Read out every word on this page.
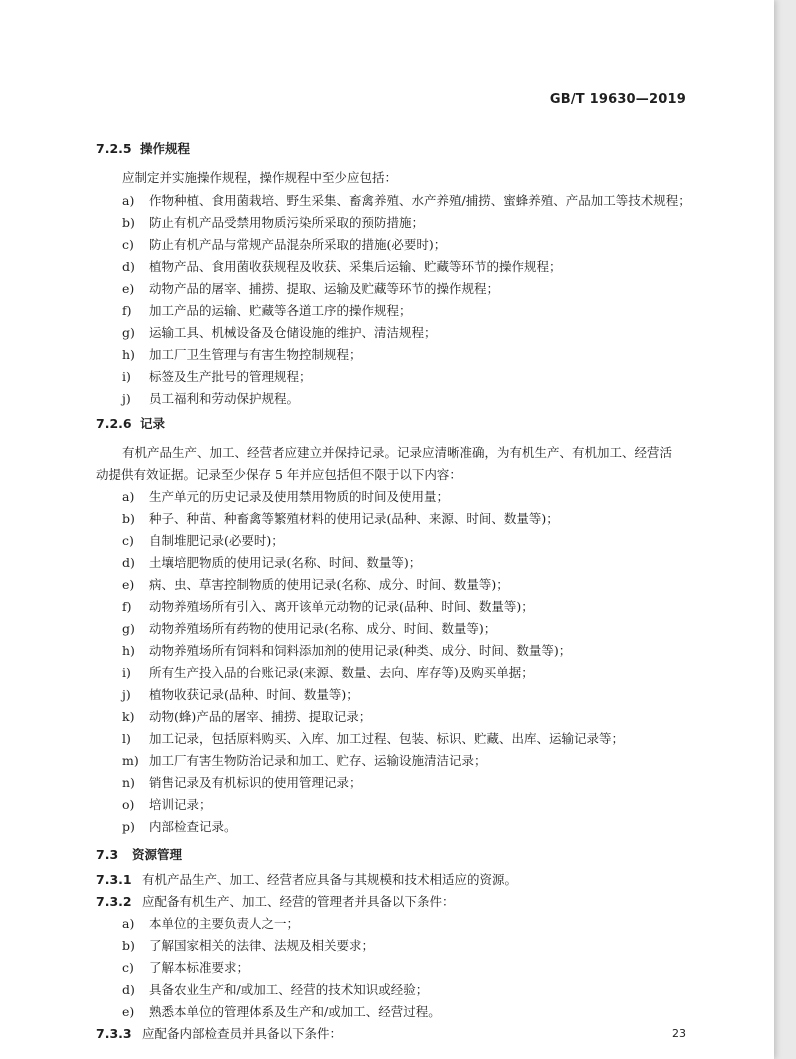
GB/T 19630—2019
7.2.5 操作规程
应制定并实施操作规程，操作规程中至少应包括：
a) 作物种植、食用菌栽培、野生采集、畜禽养殖、水产养殖/捕捞、蜜蜂养殖、产品加工等技术规程；
b) 防止有机产品受禁用物质污染所采取的预防措施；
c) 防止有机产品与常规产品混杂所采取的措施(必要时)；
d) 植物产品、食用菌收获规程及收获、采集后运输、贮藏等环节的操作规程；
e) 动物产品的屠宰、捕捞、提取、运输及贮藏等环节的操作规程；
f) 加工产品的运输、贮藏等各道工序的操作规程；
g) 运输工具、机械设备及仓储设施的维护、清洁规程；
h) 加工厂卫生管理与有害生物控制规程；
i) 标签及生产批号的管理规程；
j) 员工福利和劳动保护规程。
7.2.6 记录
有机产品生产、加工、经营者应建立并保持记录。记录应清晰准确，为有机生产、有机加工、经营活
动提供有效证据。记录至少保存 5 年并应包括但不限于以下内容：
a) 生产单元的历史记录及使用禁用物质的时间及使用量；
b) 种子、种苗、种畜禽等繁殖材料的使用记录(品种、来源、时间、数量等)；
c) 自制堆肥记录(必要时)；
d) 土壤培肥物质的使用记录(名称、时间、数量等)；
e) 病、虫、草害控制物质的使用记录(名称、成分、时间、数量等)；
f) 动物养殖场所有引入、离开该单元动物的记录(品种、时间、数量等)；
g) 动物养殖场所有药物的使用记录(名称、成分、时间、数量等)；
h) 动物养殖场所有饲料和饲料添加剂的使用记录(种类、成分、时间、数量等)；
i) 所有生产投入品的台账记录(来源、数量、去向、库存等)及购买单据；
j) 植物收获记录(品种、时间、数量等)；
k) 动物(蜂)产品的屠宰、捕捞、提取记录；
l) 加工记录，包括原料购买、入库、加工过程、包装、标识、贮藏、出库、运输记录等；
m) 加工厂有害生物防治记录和加工、贮存、运输设施清洁记录；
n) 销售记录及有机标识的使用管理记录；
o) 培训记录；
p) 内部检查记录。
7.3 资源管理
7.3.1 有机产品生产、加工、经营者应具备与其规模和技术相适应的资源。
7.3.2 应配备有机生产、加工、经营的管理者并具备以下条件：
a) 本单位的主要负责人之一；
b) 了解国家相关的法律、法规及相关要求；
c) 了解本标准要求；
d) 具备农业生产和/或加工、经营的技术知识或经验；
e) 熟悉本单位的管理体系及生产和/或加工、经营过程。
7.3.3 应配备内部检查员并具备以下条件：	23
